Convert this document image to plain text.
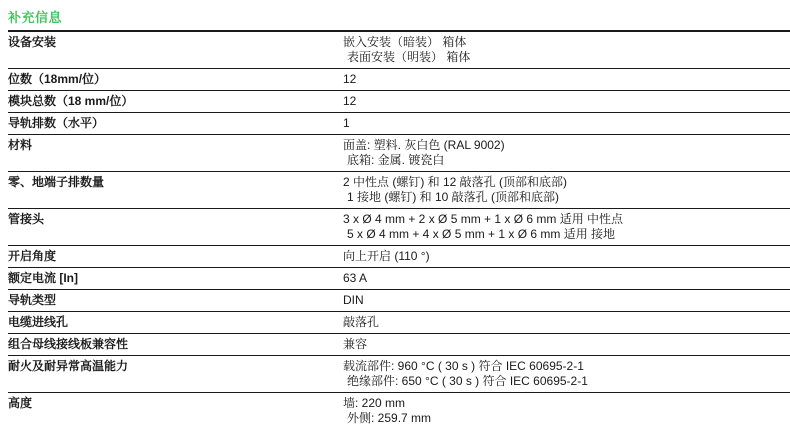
补充信息
设备安装	嵌入安装（暗装） 箱体
表面安装（明装） 箱体
位数（18mm/位）	12
模块总数（18 mm/位）	12
导轨排数（水平）	1
材料	面盖: 塑料. 灰白色 (RAL 9002)
底箱: 金属. 镀瓷白
零、地端子排数量	2 中性点 (螺钉) 和 12 敲落孔 (顶部和底部)
1 接地 (螺钉) 和 10 敲落孔 (顶部和底部)
管接头	3 x Ø 4 mm + 2 x Ø 5 mm + 1 x Ø 6 mm 适用 中性点
5 x Ø 4 mm + 4 x Ø 5 mm + 1 x Ø 6 mm 适用 接地
开启角度	向上开启 (110 °)
额定电流 [In]	63 A
导轨类型	DIN
电缆进线孔	敲落孔
组合母线接线板兼容性	兼容
耐火及耐异常高温能力	载流部件: 960 °C ( 30 s ) 符合 IEC 60695-2-1
绝缘部件: 650 °C ( 30 s ) 符合 IEC 60695-2-1
高度	墙: 220 mm
外侧: 259.7 mm
